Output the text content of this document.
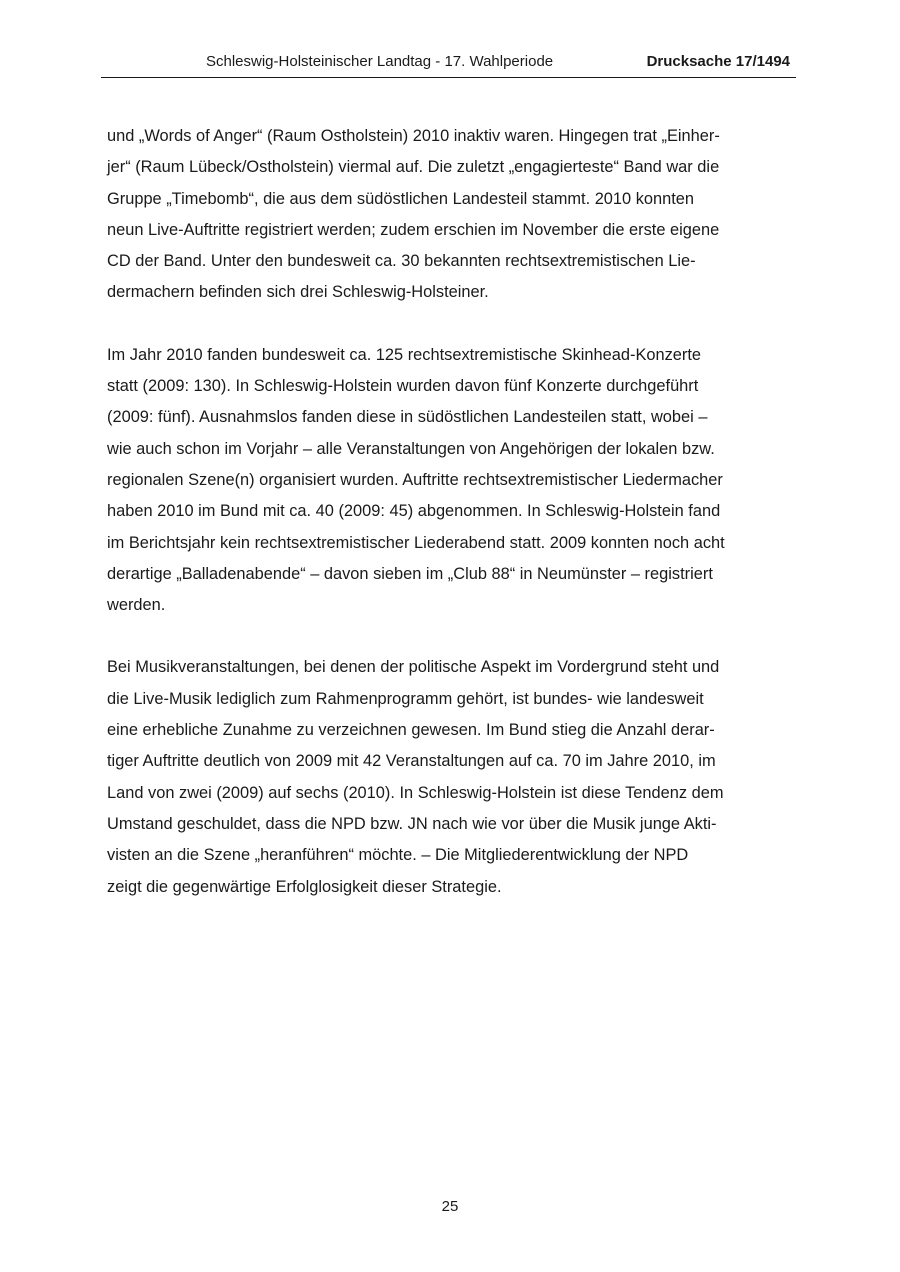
Schleswig-Holsteinischer Landtag - 17. Wahlperiode	Drucksache 17/1494

und „Words of Anger“ (Raum Ostholstein) 2010 inaktiv waren. Hingegen trat „Einher-
jer“ (Raum Lübeck/Ostholstein) viermal auf. Die zuletzt „engagierteste“ Band war die
Gruppe „Timebomb“, die aus dem südöstlichen Landesteil stammt. 2010 konnten
neun Live-Auftritte registriert werden; zudem erschien im November die erste eigene
CD der Band. Unter den bundesweit ca. 30 bekannten rechtsextremistischen Lie-
dermachern befinden sich drei Schleswig-Holsteiner.

Im Jahr 2010 fanden bundesweit ca. 125 rechtsextremistische Skinhead-Konzerte
statt (2009: 130). In Schleswig-Holstein wurden davon fünf Konzerte durchgeführt
(2009: fünf). Ausnahmslos fanden diese in südöstlichen Landesteilen statt, wobei –
wie auch schon im Vorjahr – alle Veranstaltungen von Angehörigen der lokalen bzw.
regionalen Szene(n) organisiert wurden. Auftritte rechtsextremistischer Liedermacher
haben 2010 im Bund mit ca. 40 (2009: 45) abgenommen. In Schleswig-Holstein fand
im Berichtsjahr kein rechtsextremistischer Liederabend statt. 2009 konnten noch acht
derartige „Balladenabende“ – davon sieben im „Club 88“ in Neumünster – registriert
werden.

Bei Musikveranstaltungen, bei denen der politische Aspekt im Vordergrund steht und
die Live-Musik lediglich zum Rahmenprogramm gehört, ist bundes- wie landesweit
eine erhebliche Zunahme zu verzeichnen gewesen. Im Bund stieg die Anzahl derar-
tiger Auftritte deutlich von 2009 mit 42 Veranstaltungen auf ca. 70 im Jahre 2010, im
Land von zwei (2009) auf sechs (2010). In Schleswig-Holstein ist diese Tendenz dem
Umstand geschuldet, dass die NPD bzw. JN nach wie vor über die Musik junge Akti-
visten an die Szene „heranführen“ möchte. – Die Mitgliederentwicklung der NPD
zeigt die gegenwärtige Erfolglosigkeit dieser Strategie.

25
